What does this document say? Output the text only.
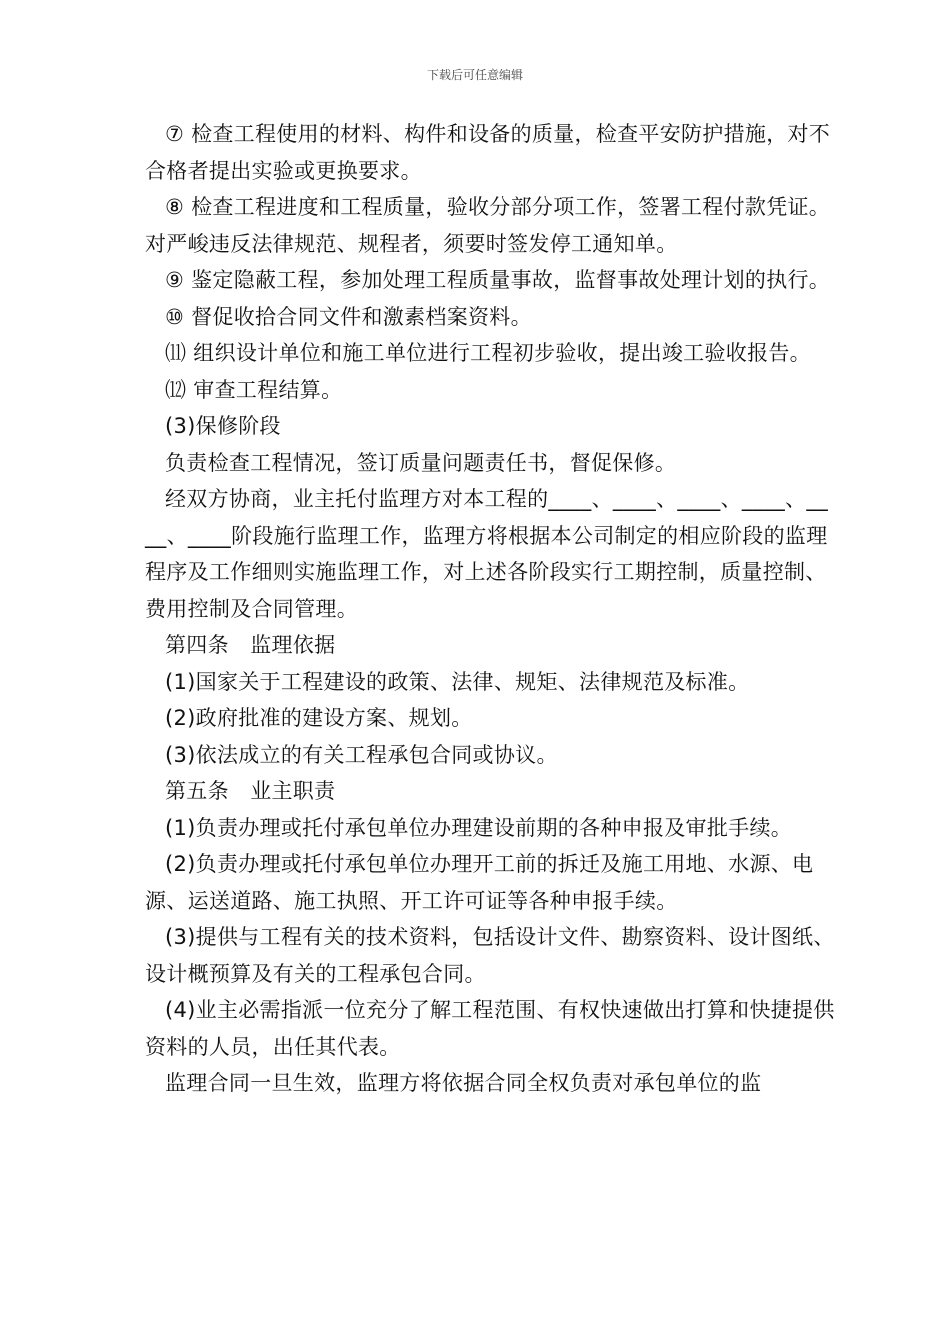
下载后可任意编辑

⑦ 检查工程使用的材料、构件和设备的质量，检查平安防护措施，对不合格者提出实验或更换要求。

⑧ 检查工程进度和工程质量，验收分部分项工作，签署工程付款凭证。对严峻违反法律规范、规程者，须要时签发停工通知单。

⑨ 鉴定隐蔽工程，参加处理工程质量事故，监督事故处理计划的执行。

⑩ 督促收拾合同文件和激素档案资料。

⑾ 组织设计单位和施工单位进行工程初步验收，提出竣工验收报告。

⑿ 审查工程结算。

(3)保修阶段

负责检查工程情况，签订质量问题责任书，督促保修。

经双方协商，业主托付监理方对本工程的____、____、____、____、____、____阶段施行监理工作，监理方将根据本公司制定的相应阶段的监理程序及工作细则实施监理工作，对上述各阶段实行工期控制，质量控制、费用控制及合同管理。

第四条　监理依据

(1)国家关于工程建设的政策、法律、规矩、法律规范及标准。

(2)政府批准的建设方案、规划。

(3)依法成立的有关工程承包合同或协议。

第五条　业主职责

(1)负责办理或托付承包单位办理建设前期的各种申报及审批手续。

(2)负责办理或托付承包单位办理开工前的拆迁及施工用地、水源、电源、运送道路、施工执照、开工许可证等各种申报手续。

(3)提供与工程有关的技术资料，包括设计文件、勘察资料、设计图纸、设计概预算及有关的工程承包合同。

(4)业主必需指派一位充分了解工程范围、有权快速做出打算和快捷提供资料的人员，出任其代表。

监理合同一旦生效，监理方将依据合同全权负责对承包单位的监
